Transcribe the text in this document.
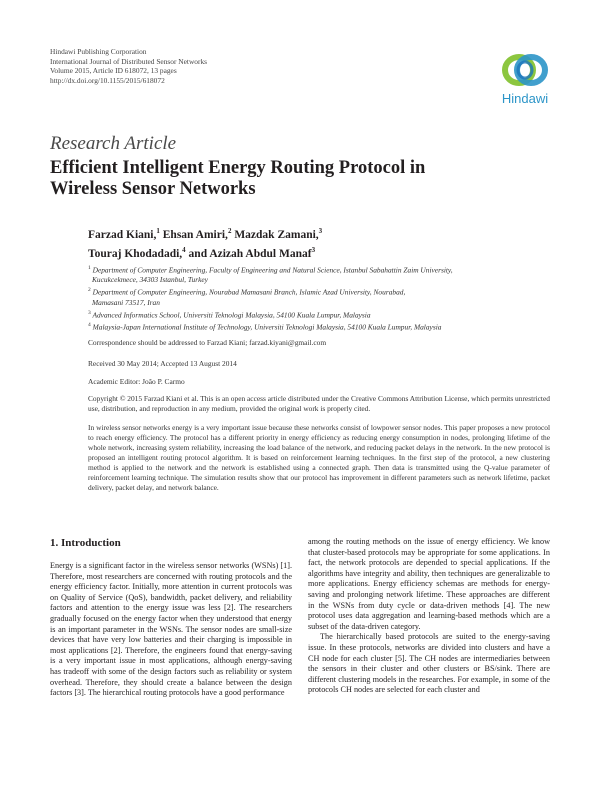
Hindawi Publishing Corporation
International Journal of Distributed Sensor Networks
Volume 2015, Article ID 618072, 13 pages
http://dx.doi.org/10.1155/2015/618072
Hindawi
Research Article
Efficient Intelligent Energy Routing Protocol in
Wireless Sensor Networks
Farzad Kiani,$^1$ Ehsan Amiri,$^2$ Mazdak Zamani,$^3$
Touraj Khodadadi,$^4$ and Azizah Abdul Manaf$^3$
$^1$ Department of Computer Engineering, Faculty of Engineering and Natural Science, Istanbul Sabahattin Zaim University,
Kucukcekmece, 34303 Istanbul, Turkey
$^2$ Department of Computer Engineering, Nourabad Mamasani Branch, Islamic Azad University, Nourabad,
Mamasani 73517, Iran
$^3$ Advanced Informatics School, Universiti Teknologi Malaysia, 54100 Kuala Lumpur, Malaysia
$^4$ Malaysia-Japan International Institute of Technology, Universiti Teknologi Malaysia, 54100 Kuala Lumpur, Malaysia
Correspondence should be addressed to Farzad Kiani; farzad.kiyani@gmail.com
Received 30 May 2014; Accepted 13 August 2014
Academic Editor: João P. Carmo
Copyright © 2015 Farzad Kiani et al. This is an open access article distributed under the Creative Commons Attribution License, which permits unrestricted use, distribution, and reproduction in any medium, provided the original work is properly cited.
In wireless sensor networks energy is a very important issue because these networks consist of lowpower sensor nodes. This paper proposes a new protocol to reach energy efficiency. The protocol has a different priority in energy efficiency as reducing energy consumption in nodes, prolonging lifetime of the whole network, increasing system reliability, increasing the load balance of the network, and reducing packet delays in the network. In the new protocol is proposed an intelligent routing protocol algorithm. It is based on reinforcement learning techniques. In the first step of the protocol, a new clustering method is applied to the network and the network is established using a connected graph. Then data is transmitted using the Q-value parameter of reinforcement learning technique. The simulation results show that our protocol has improvement in different parameters such as network lifetime, packet delivery, packet delay, and network balance.
1. Introduction

Energy is a significant factor in the wireless sensor networks (WSNs) [1]. Therefore, most researchers are concerned with routing protocols and the energy efficiency factor. Initially, more attention in current protocols was on Quality of Service (QoS), bandwidth, packet delivery, and reliability factors and attention to the energy issue was less [2]. The researchers gradually focused on the energy factor when they understood that energy is an important parameter in the WSNs. The sensor nodes are small-size devices that have very low batteries and their charging is impossible in most applications [2]. Therefore, the engineers found that energy-saving is a very important issue in most applications, although energy-saving has tradeoff with some of the design factors such as reliability or system overhead. Therefore, they should create a balance between the design factors [3]. The hierarchical routing protocols have a good performance

among the routing methods on the issue of energy efficiency. We know that cluster-based protocols may be appropriate for some applications. In fact, the network protocols are depended to special applications. If the algorithms have integrity and ability, then techniques are generalizable to more applications. Energy efficiency schemas are methods for energy-saving and prolonging network lifetime. These approaches are different in the WSNs from duty cycle or data-driven methods [4]. The new protocol uses data aggregation and learning-based methods which are a subset of the data-driven category.

The hierarchically based protocols are suited to the energy-saving issue. In these protocols, networks are divided into clusters and have a CH node for each cluster [5]. The CH nodes are intermediaries between the sensors in their cluster and other clusters or BS/sink. There are different clustering models in the researches. For example, in some of the protocols CH nodes are selected for each cluster and
